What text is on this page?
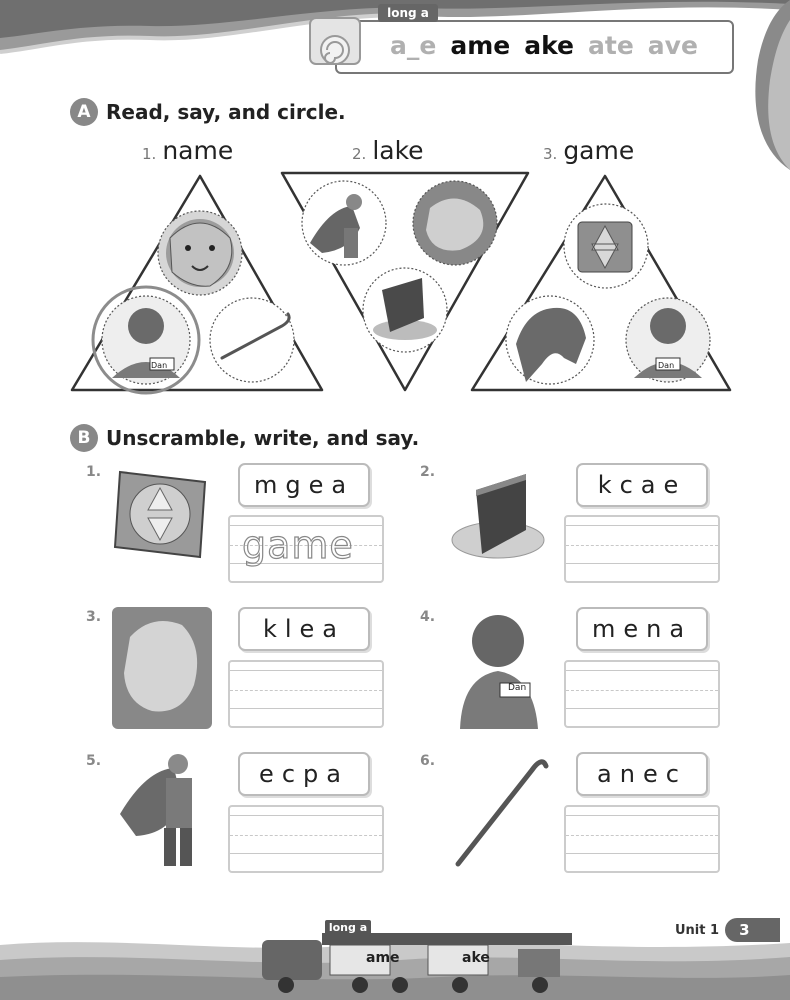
long a
a_e ame ake ate ave
A Read, say, and circle.
1. name	2. lake	3. game
Dan	Dan
B Unscramble, write, and say.
1.	mgea
game
2.	kcae
3.	klea	4.
Dan
mena
5.	ecpa	6.	anec
long a
ame	ake
Unit 1	3
